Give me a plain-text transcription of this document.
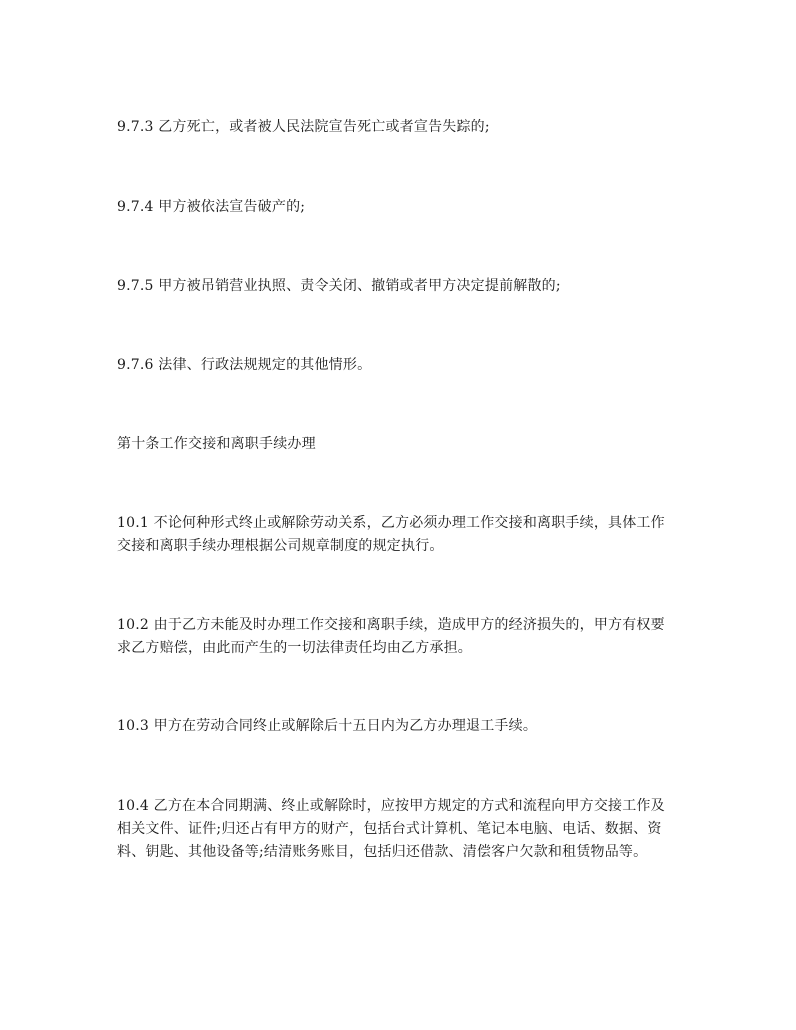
9.7.3 乙方死亡，或者被人民法院宣告死亡或者宣告失踪的;

9.7.4 甲方被依法宣告破产的;

9.7.5 甲方被吊销营业执照、责令关闭、撤销或者甲方决定提前解散的;

9.7.6 法律、行政法规规定的其他情形。

第十条工作交接和离职手续办理

10.1 不论何种形式终止或解除劳动关系，乙方必须办理工作交接和离职手续，具体工作交接和离职手续办理根据公司规章制度的规定执行。

10.2 由于乙方未能及时办理工作交接和离职手续，造成甲方的经济损失的，甲方有权要求乙方赔偿，由此而产生的一切法律责任均由乙方承担。

10.3 甲方在劳动合同终止或解除后十五日内为乙方办理退工手续。

10.4 乙方在本合同期满、终止或解除时，应按甲方规定的方式和流程向甲方交接工作及相关文件、证件;归还占有甲方的财产，包括台式计算机、笔记本电脑、电话、数据、资料、钥匙、其他设备等;结清账务账目，包括归还借款、清偿客户欠款和租赁物品等。
